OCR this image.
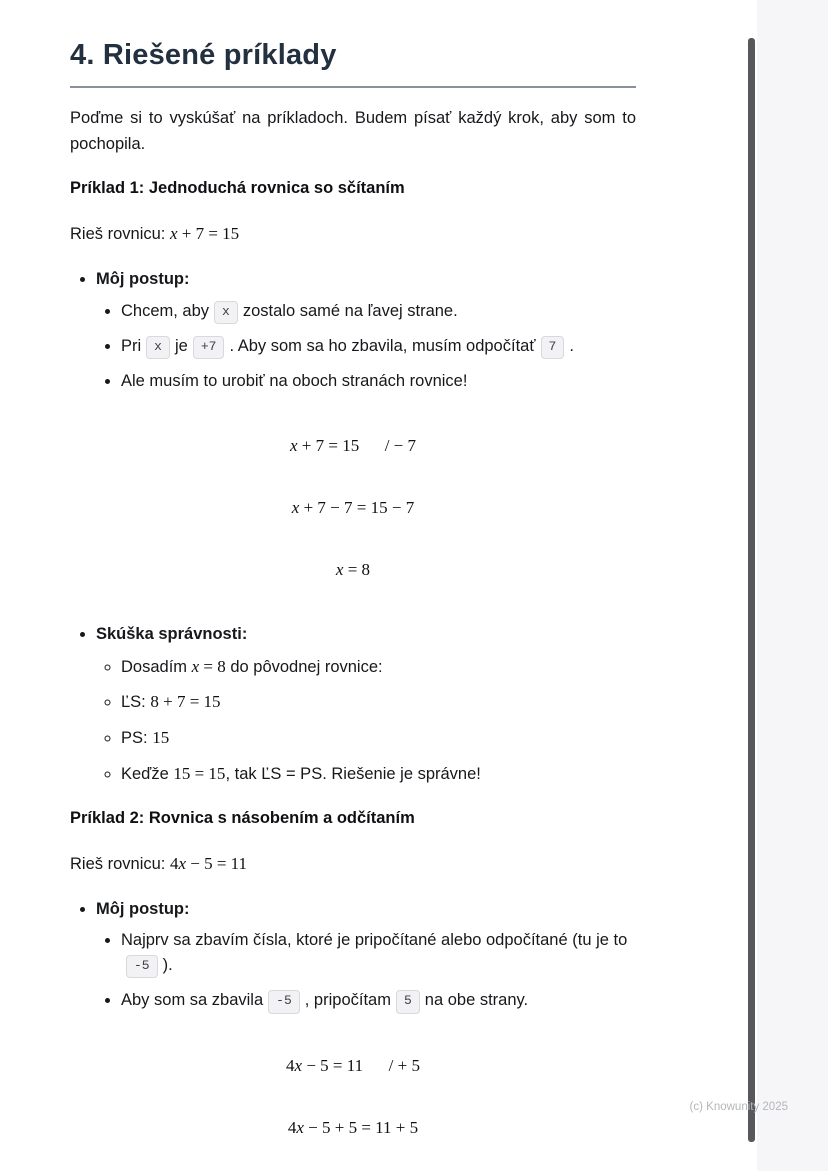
(c) Knowunity 2025
4. Riešené príklady

Poďme si to vyskúšať na príkladoch. Budem písať každý krok, aby som to pochopila.

Príklad 1: Jednoduchá rovnica so sčítaním

Rieš rovnicu: x + 7 = 15

• Môj postup:
• Chcem, aby x zostalo samé na ľavej strane.
• Pri x je +7 . Aby som sa ho zbavila, musím odpočítať 7 .
• Ale musím to urobiť na oboch stranách rovnice!
x + 7 = 15  / − 7
x + 7 − 7 = 15 − 7
x = 8
• Skúška správnosti:
◦ Dosadím x = 8 do pôvodnej rovnice:
◦ ĽS: 8 + 7 = 15
◦ PS: 15
◦ Keďže 15 = 15, tak ĽS = PS. Riešenie je správne!
Príklad 2: Rovnica s násobením a odčítaním

Rieš rovnicu: 4x − 5 = 11

• Môj postup:
• Najprv sa zbavím čísla, ktoré je pripočítané alebo odpočítané (tu je to-5 ).
• Aby som sa zbavila -5 , pripočítam 5 na obe strany.
4x − 5 = 11  / + 5
4x − 5 + 5 = 11 + 5
